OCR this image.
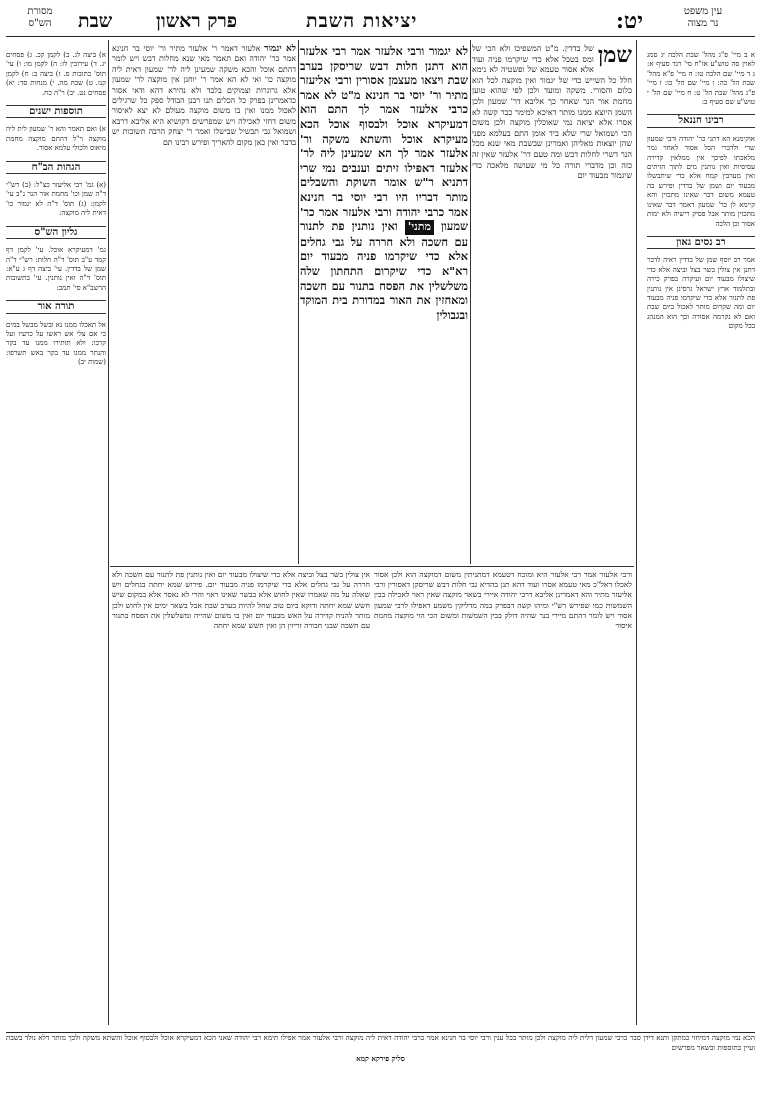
עין משפט
נר מצוה
יט:
יציאות השבת
פרק ראשון
שבת
מסורת
הש"ס

א ב מיי' פ"ג מהל' שבת הלכה יג סמג לאוין סה טוש"ע או"ח סי' רנד סעיף א: ג ד מיי' שם הלכה טז: ה מיי' פ"א מהל' שבת הל' כה: ו מיי' שם הל' כו: ז מיי' פ"ג מהל' שבת הל' ט: ח מיי' שם הל' י טוש"ע שם סעיף ב:

רבינו חננאל

אוקימנא הא דתני כר' יהודה ורבי שמעון שרי ולדברי הכל אסור לאחר גמר מלאכתו לפיכך אין ממלאין קדירה עסיסיות ואין נותנין מים לתוך הזיתים ואין מערבין קמח אלא כדי שיתבשלו מבעוד יום ושמן של בדדין ופירש בה טעמא משום דבר שאינו מתכוין והא קיימא לן כר' שמעון דאמר דבר שאינו מתכוין מותר אבל פסיק רישיה ולא ימות אסור וכן הלכה

רב נסים גאון

אמר רב יוסף שמן של בדדין ראיה לדבר דתנן אין צולין בשר בצל וביצה אלא כדי שיצולו מבעוד יום ועיקרה בפרק כירה ובתלמוד ארץ ישראל גרסינן אין נותנין פת לתנור אלא כדי שיקרמו פניה מבעוד יום ומה שקרום מותר לאכול ביום שבת ואם לא נקרמה אסורה וכך הוא המנהג בכל מקום

שמן
של בדדין. מ"ט המשפיכו ולא הכי של ומס בטבל אלא כדי שיקרמו פניה ועוד אלא אסור טעמא של ופשטיה לא נימא חלל כל השייש כדי של יגמור ואין מוקצה לכל הוא כלום והסורי. משקה ומועד ולכן לפי שהוא טוען מחמת אור הנר שאחר כך אליבא דר' שמעון ולכן השמן היוצא ממנו מותר דאיכא למימר כבר קשה לא אסרו אלא יציאה נמי שאוכלין מוקצה ולכן משום הכי ושמואל שרי שלא ביד אומן התם בעלמא מפני שהן יוצאות מאליהן ואמרינן שבשבת מאי שנא מכל הנר דשרי לחלות דבש ומה טעם דר' אלעזר שאין זה כזה וכן מדברי תורה כל מי שעושה מלאכה כדי שיגמור מבעוד יום
לא יגמור ורבי אלעזר אמר רבי אלעזר הוא דתנן חלות דבש שריסקן בערב שבת ויצאו מעצמן אסורין ורבי אליעזר מתיר ור' יוסי בר חנינא מ"ט לא אמר כרבי אלעזר אמר לך התם הוא דמעיקרא אוכל ולבסוף אוכל הכא מעיקרא אוכל והשתא משקה ור' אלעזר אמר לך הא שמעינן ליה לר' אלעזר דאפילו זיתים וענבים נמי שרי דתניא ר"ש אומר השוקת והשבלים מותר דבריו היו רבי יוסי בר חנינא אמר כרבי יהודה ורבי אלעזר אמר כר' שמעון מתני' ואין נותנין פת לתנור עם חשכה ולא חררה על גבי גחלים אלא כדי שיקרמו פניה מבעוד יום רא"א כדי שיקרום התחתון שלה משלשלין את הפסח בתנור עם חשכה ומאחזין את האור במדורת בית המוקד ובגבולין
לא יגמור אלעזר דאמר ר' אלעזר מתיר ור' יוסי בר חנינא אמר כר' יהודה ואם תאמר מאי שנא מחלות דבש ויש לומר דהתם אוכל והכא משקה שמעינן ליה לר' שמעון דאית ליה מוקצה כו' ואי לא הא אמר ר' יוחנן אין מוקצה לר' שמעון אלא גרוגרות וצמוקים בלבד ולא נהירא דהא ודאי אסור כדאמרינן בפרק כל הכלים תנו רבנן הבודל ספק כל שרגילים לאכול ממנו ואין בו משום מוקצה מעולם לא יצא לאיסור משום דחזי לאכילה ויש שמפרשים דקושיא היא אליבא דרבא ושמואל גבי תבשיל שבישלו ואמר ר' יצחק הרבה תשובות יש בדבר ואין כאן מקום להאריך ופירש רבינו תם
ורבי אלעזר אמר רבי אלעזר היא ומוכח דטעמא דמתניתין משום דמוקצה הוא ולכן אסור לאכלו דאל"כ מאי טעמא אסרו ועוד דהא תנן בהדיא גבי חלות דבש שריסקן דאסורין ורבי אליעזר מתיר והא דאמרינן אליבא דרבי יהודה איירי בשאר מוקצה שאין ראוי לאכילה בבין השמשות כמו שפירש רש"י ומיהו קשה דבפרק במה מדליקין משמע דאפילו לרבי שמעון אסור ויש לומר דהתם מיירי בנר שהיה דולק בבין השמשות ומשום הכי הוי מוקצה מחמת איסור
אין צולין בשר בצל וביצה אלא כדי שיצולו מבעוד יום ואין נותנין פת לתנור עם חשכה ולא חררה על גבי גחלים אלא כדי שיקרמו פניה מבעוד יום. פירוש שמא יחתה בגחלים ויש שאלה על מה שאמרו שאין לחוש אלא בבשר שאינו ראוי והרי לא נאסר אלא במקום שיש חשש שמא יחתה ודוקא ביום טוב שחל להיות בערב שבת אבל בשאר ימים אין לחוש ולכן מותר להניח קדירה על האש מבעוד יום ואין בו משום שהייה ומשלשלין את הפסח בתנור עם חשכה שבני חבורה זריזין הן ואין חשש שמא יחתה

א) ביצה לג. ב) לקמן קכ. ג) פסחים יג. ד) עירובין לז: ה) לקמן מו: ו) עי' תוס' כתובות ס. ז) ביצה ב: ח) לקמן קנז. ט) שבת מה. י) מנחות סד: יא) פסחים נט. יב) ר"ה כח.

תוספות ישנים

א) ואם תאמר והא ר' שמעון לית ליה מוקצה וי"ל דהתם מוקצה מחמת מיאוס ולכולי עלמא אסור.

הגהות הב"ח

(א) גמ' רבי אליעזר כצ"ל: (ב) רש"י ד"ה שמן וכו' מחמת אור הנר נ"ב עי' לקמן: (ג) תוס' ד"ה לא יגמור כו' דאית ליה מוקצה:

גליון הש"ס

גמ' דמעיקרא אוכל. עי' לקמן דף קמד ע"ב תוס' ד"ה חלות: רש"י ד"ה שמן של בדדין. עי' ביצה דף ג ע"א: תוס' ד"ה ואין נותנין. עי' בתשובות הרשב"א סי' תמב:

תורה אור

אל תאכלו ממנו נא ובשל מבשל במים כי אם צלי אש ראשו על כרעיו ועל קרבו: ולא תותירו ממנו עד בקר והנתר ממנו עד בקר באש תשרפו: (שמות יב)

הכא נמי מוקצה דמיחזי כמתקן ותנא דידן סבר כרבי שמעון דלית ליה מוקצה ולכן מותר בכל ענין ורבי יוסי בר חנינא אמר כרבי יהודה דאית ליה מוקצה ורבי אלעזר אמר אפילו תימא רבי יהודה שאני הכא דמעיקרא אוכל ולבסוף אוכל והשתא משקה ולכך מותר דלא נולד בשבת ועיין בתוספות ובשאר מפרשים
סליק פירקא קמא
